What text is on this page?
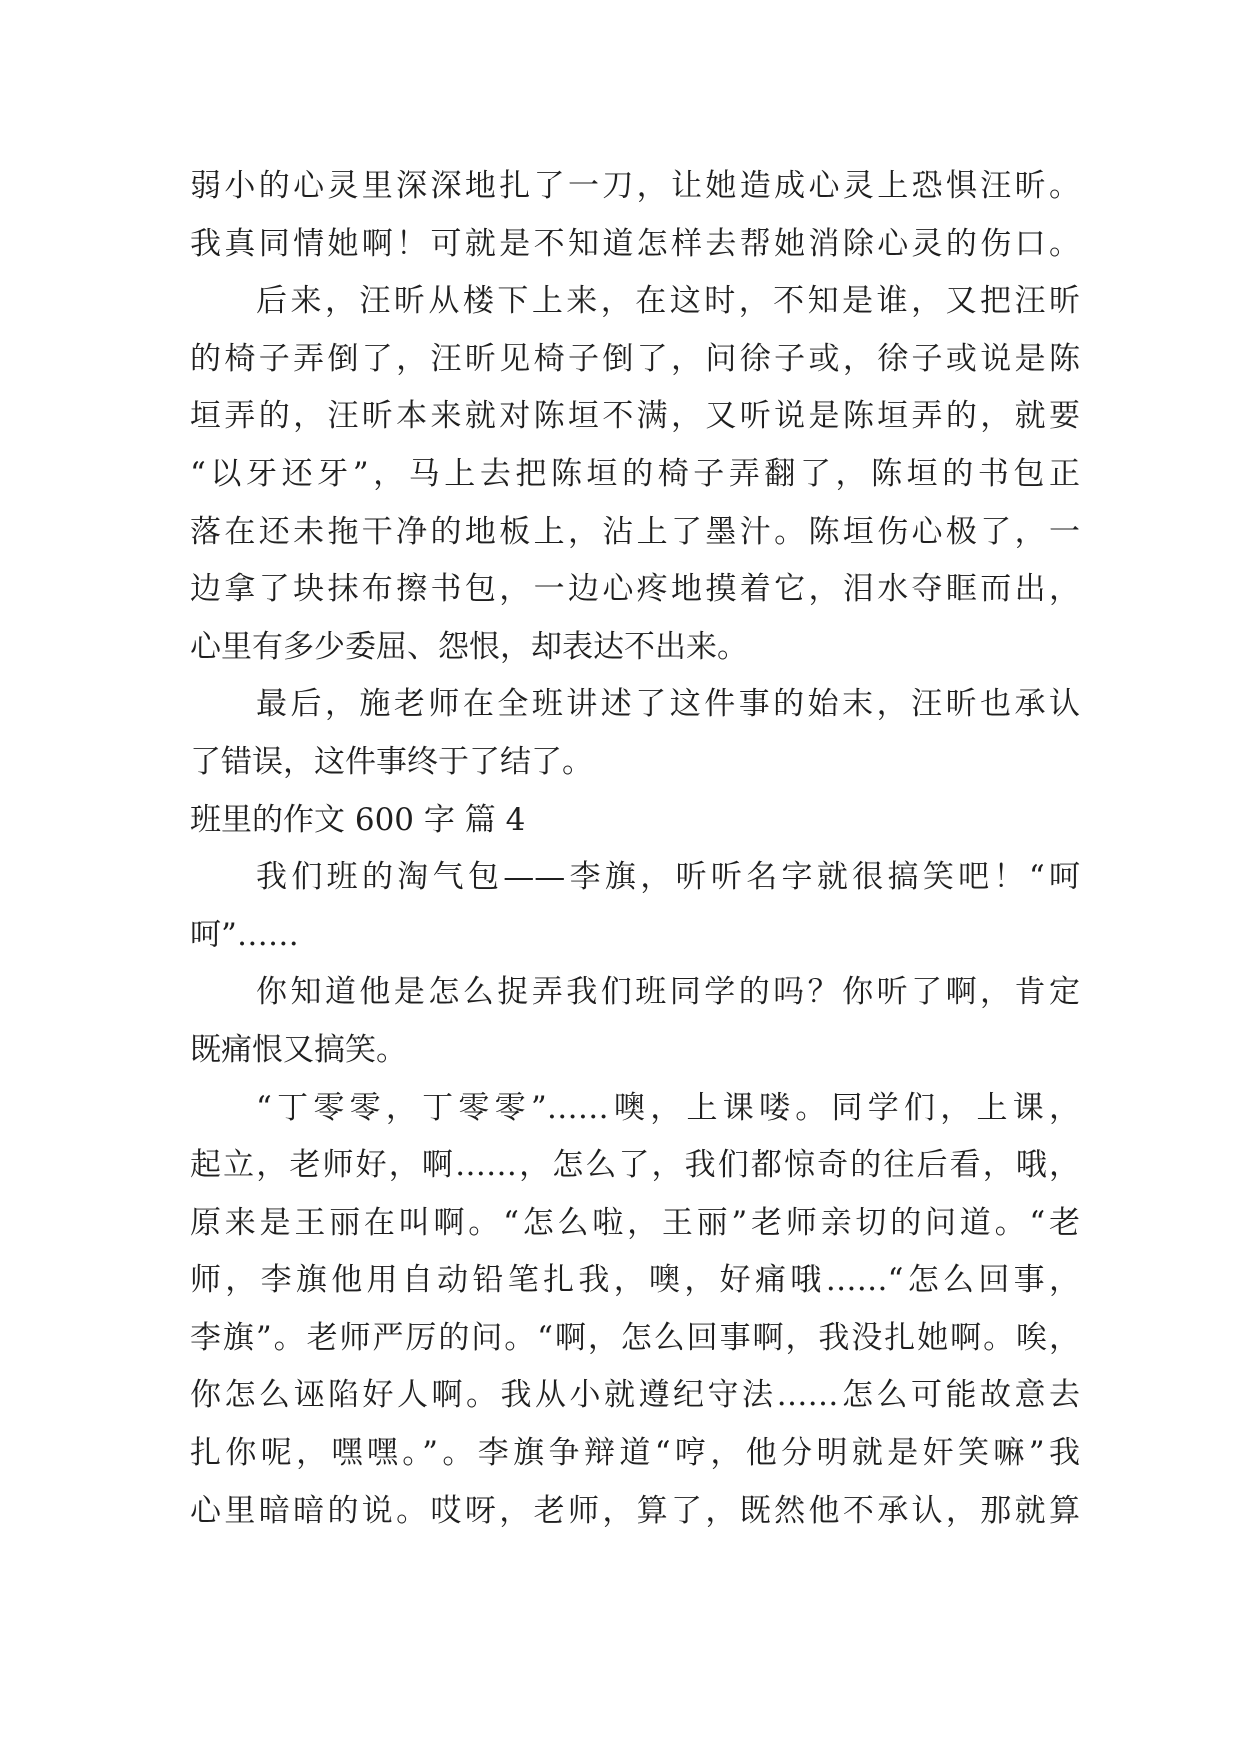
弱小的心灵里深深地扎了一刀，让她造成心灵上恐惧汪昕。
我真同情她啊！可就是不知道怎样去帮她消除心灵的伤口。
后来，汪昕从楼下上来，在这时，不知是谁，又把汪昕
的椅子弄倒了，汪昕见椅子倒了，问徐子或，徐子或说是陈
垣弄的，汪昕本来就对陈垣不满，又听说是陈垣弄的，就要
“以牙还牙”，马上去把陈垣的椅子弄翻了，陈垣的书包正
落在还未拖干净的地板上，沾上了墨汁。陈垣伤心极了，一
边拿了块抹布擦书包，一边心疼地摸着它，泪水夺眶而出，
心里有多少委屈、怨恨，却表达不出来。
最后，施老师在全班讲述了这件事的始末，汪昕也承认
了错误，这件事终于了结了。
班里的作文 600 字 篇 4
我们班的淘气包——李旗，听听名字就很搞笑吧！“呵
呵”……
你知道他是怎么捉弄我们班同学的吗？你听了啊，肯定
既痛恨又搞笑。
“丁零零，丁零零”……噢，上课喽。同学们，上课，
起立，老师好，啊……，怎么了，我们都惊奇的往后看，哦，
原来是王丽在叫啊。“怎么啦，王丽”老师亲切的问道。“老
师，李旗他用自动铅笔扎我，噢，好痛哦……“怎么回事，
李旗”。老师严厉的问。“啊，怎么回事啊，我没扎她啊。唉，
你怎么诬陷好人啊。我从小就遵纪守法……怎么可能故意去
扎你呢，嘿嘿。”。李旗争辩道“哼，他分明就是奸笑嘛”我
心里暗暗的说。哎呀，老师，算了，既然他不承认，那就算
